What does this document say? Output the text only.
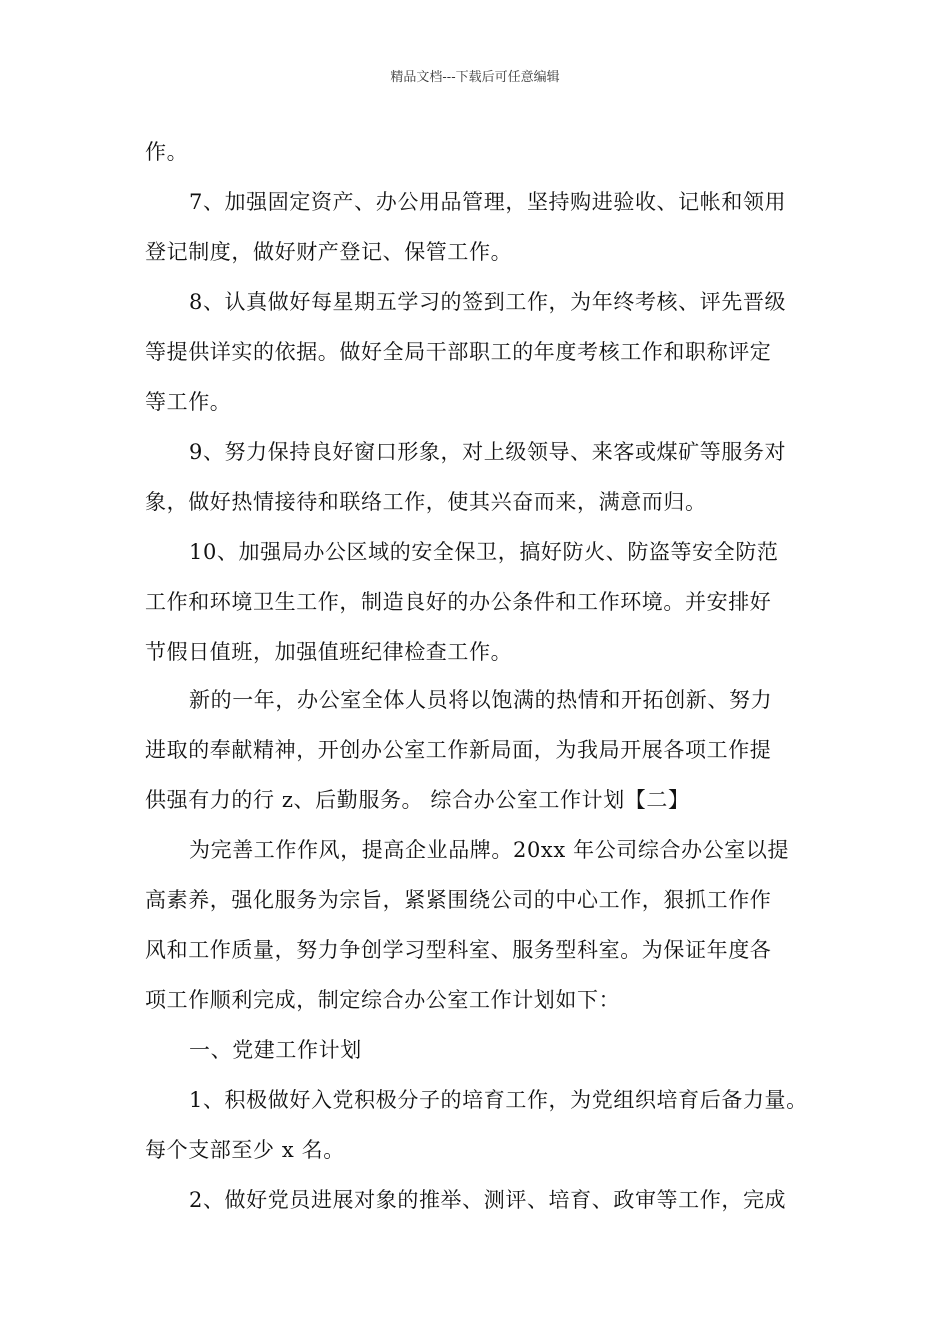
精品文档---下载后可任意编辑
作。
7、加强固定资产、办公用品管理，坚持购进验收、记帐和领用
登记制度，做好财产登记、保管工作。
8、认真做好每星期五学习的签到工作，为年终考核、评先晋级
等提供详实的依据。做好全局干部职工的年度考核工作和职称评定
等工作。
9、努力保持良好窗口形象，对上级领导、来客或煤矿等服务对
象，做好热情接待和联络工作，使其兴奋而来，满意而归。
10、加强局办公区域的安全保卫，搞好防火、防盗等安全防范
工作和环境卫生工作，制造良好的办公条件和工作环境。并安排好
节假日值班，加强值班纪律检查工作。
新的一年，办公室全体人员将以饱满的热情和开拓创新、努力
进取的奉献精神，开创办公室工作新局面，为我局开展各项工作提
供强有力的行 z、后勤服务。 综合办公室工作计划【二】
为完善工作作风，提高企业品牌。20xx 年公司综合办公室以提
高素养，强化服务为宗旨，紧紧围绕公司的中心工作，狠抓工作作
风和工作质量，努力争创学习型科室、服务型科室。为保证年度各
项工作顺利完成，制定综合办公室工作计划如下：
一、党建工作计划
1、积极做好入党积极分子的培育工作，为党组织培育后备力量。
每个支部至少 x 名。
2、做好党员进展对象的推举、测评、培育、政审等工作，完成
